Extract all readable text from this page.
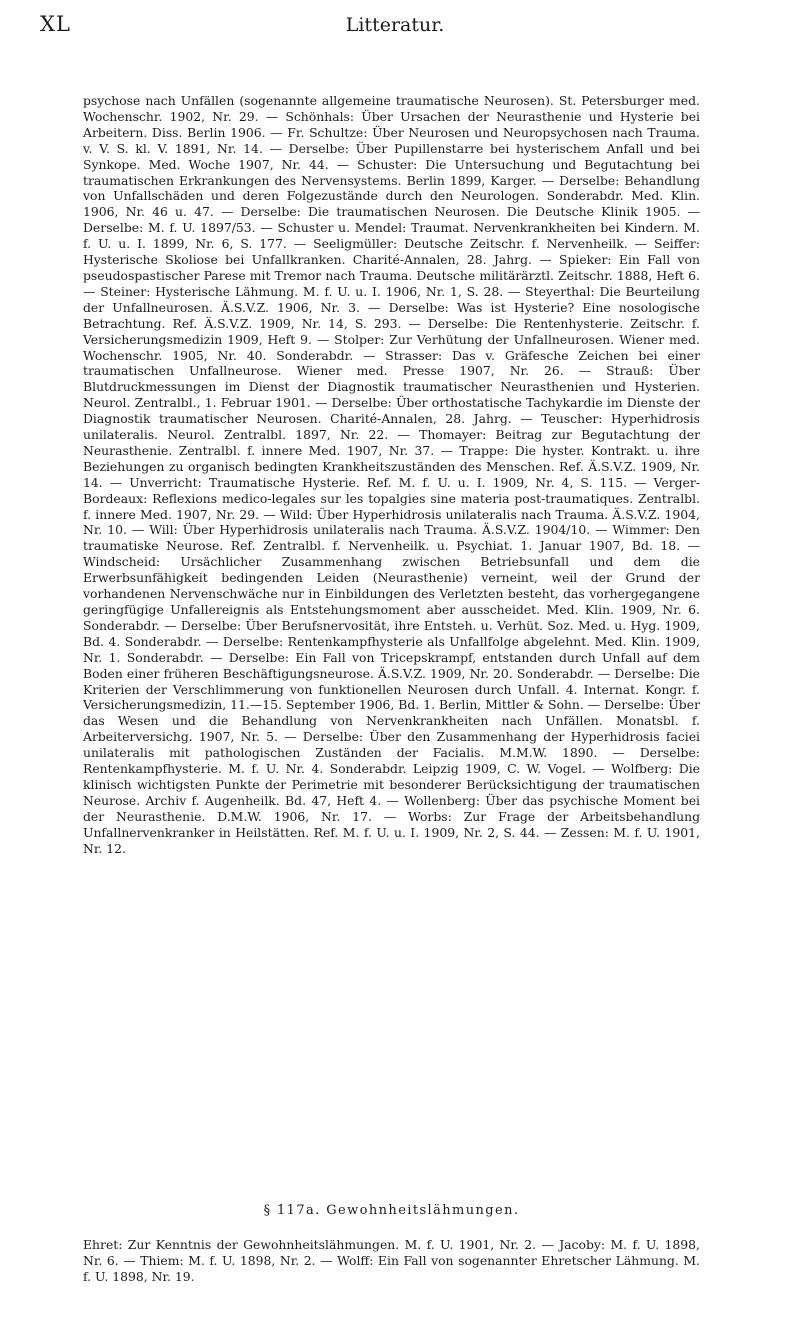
XL	Litteratur.

psychose nach Unfällen (sogenannte allgemeine traumatische Neurosen). St. Petersburger med. Wochenschr. 1902, Nr. 29. — Schönhals: Über Ursachen der Neurasthenie und Hysterie bei Arbeitern. Diss. Berlin 1906. — Fr. Schultze: Über Neurosen und Neuropsychosen nach Trauma. v. V. S. kl. V. 1891, Nr. 14. — Derselbe: Über Pupillenstarre bei hysterischem Anfall und bei Synkope. Med. Woche 1907, Nr. 44. — Schuster: Die Untersuchung und Begutachtung bei traumatischen Erkrankungen des Nervensystems. Berlin 1899, Karger. — Derselbe: Behandlung von Unfallschäden und deren Folgezustände durch den Neurologen. Sonderabdr. Med. Klin. 1906, Nr. 46 u. 47. — Derselbe: Die traumatischen Neurosen. Die Deutsche Klinik 1905. — Derselbe: M. f. U. 1897/53. — Schuster u. Mendel: Traumat. Nervenkrankheiten bei Kindern. M. f. U. u. I. 1899, Nr. 6, S. 177. — Seeligmüller: Deutsche Zeitschr. f. Nervenheilk. — Seiffer: Hysterische Skoliose bei Unfallkranken. Charité-Annalen, 28. Jahrg. — Spieker: Ein Fall von pseudospastischer Parese mit Tremor nach Trauma. Deutsche militärärztl. Zeitschr. 1888, Heft 6. — Steiner: Hysterische Lähmung. M. f. U. u. I. 1906, Nr. 1, S. 28. — Steyerthal: Die Beurteilung der Unfallneurosen. Ä.S.V.Z. 1906, Nr. 3. — Derselbe: Was ist Hysterie? Eine nosologische Betrachtung. Ref. Ä.S.V.Z. 1909, Nr. 14, S. 293. — Derselbe: Die Rentenhysterie. Zeitschr. f. Versicherungsmedizin 1909, Heft 9. — Stolper: Zur Verhütung der Unfallneurosen. Wiener med. Wochenschr. 1905, Nr. 40. Sonderabdr. — Strasser: Das v. Gräfesche Zeichen bei einer traumatischen Unfallneurose. Wiener med. Presse 1907, Nr. 26. — Strauß: Über Blutdruckmessungen im Dienst der Diagnostik traumatischer Neurasthenien und Hysterien. Neurol. Zentralbl., 1. Februar 1901. — Derselbe: Über orthostatische Tachykardie im Dienste der Diagnostik traumatischer Neurosen. Charité-Annalen, 28. Jahrg. — Teuscher: Hyperhidrosis unilateralis. Neurol. Zentralbl. 1897, Nr. 22. — Thomayer: Beitrag zur Begutachtung der Neurasthenie. Zentralbl. f. innere Med. 1907, Nr. 37. — Trappe: Die hyster. Kontrakt. u. ihre Beziehungen zu organisch bedingten Krankheitszuständen des Menschen. Ref. Ä.S.V.Z. 1909, Nr. 14. — Unverricht: Traumatische Hysterie. Ref. M. f. U. u. I. 1909, Nr. 4, S. 115. — Verger-Bordeaux: Reflexions medico-legales sur les topalgies sine materia post-traumatiques. Zentralbl. f. innere Med. 1907, Nr. 29. — Wild: Über Hyperhidrosis unilateralis nach Trauma. Ä.S.V.Z. 1904, Nr. 10. — Will: Über Hyperhidrosis unilateralis nach Trauma. Ä.S.V.Z. 1904/10. — Wimmer: Den traumatiske Neurose. Ref. Zentralbl. f. Nervenheilk. u. Psychiat. 1. Januar 1907, Bd. 18. — Windscheid: Ursächlicher Zusammenhang zwischen Betriebsunfall und dem die Erwerbsunfähigkeit bedingenden Leiden (Neurasthenie) verneint, weil der Grund der vorhandenen Nervenschwäche nur in Einbildungen des Verletzten besteht, das vorhergegangene geringfügige Unfallereignis als Entstehungsmoment aber ausscheidet. Med. Klin. 1909, Nr. 6. Sonderabdr. — Derselbe: Über Berufsnervosität, ihre Entsteh. u. Verhüt. Soz. Med. u. Hyg. 1909, Bd. 4. Sonderabdr. — Derselbe: Rentenkampfhysterie als Unfallfolge abgelehnt. Med. Klin. 1909, Nr. 1. Sonderabdr. — Derselbe: Ein Fall von Tricepskrampf, entstanden durch Unfall auf dem Boden einer früheren Beschäftigungsneurose. Ä.S.V.Z. 1909, Nr. 20. Sonderabdr. — Derselbe: Die Kriterien der Verschlimmerung von funktionellen Neurosen durch Unfall. 4. Internat. Kongr. f. Versicherungsmedizin, 11.—15. September 1906, Bd. 1. Berlin, Mittler & Sohn. — Derselbe: Über das Wesen und die Behandlung von Nervenkrankheiten nach Unfällen. Monatsbl. f. Arbeiterversichg. 1907, Nr. 5. — Derselbe: Über den Zusammenhang der Hyperhidrosis faciei unilateralis mit pathologischen Zuständen der Facialis. M.M.W. 1890. — Derselbe: Rentenkampfhysterie. M. f. U. Nr. 4. Sonderabdr. Leipzig 1909, C. W. Vogel. — Wolfberg: Die klinisch wichtigsten Punkte der Perimetrie mit besonderer Berücksichtigung der traumatischen Neurose. Archiv f. Augenheilk. Bd. 47, Heft 4. — Wollenberg: Über das psychische Moment bei der Neurasthenie. D.M.W. 1906, Nr. 17. — Worbs: Zur Frage der Arbeitsbehandlung Unfallnervenkranker in Heilstätten. Ref. M. f. U. u. I. 1909, Nr. 2, S. 44. — Zessen: M. f. U. 1901, Nr. 12.

§ 117a. Gewohnheitslähmungen.

Ehret: Zur Kenntnis der Gewohnheitslähmungen. M. f. U. 1901, Nr. 2. — Jacoby: M. f. U. 1898, Nr. 6. — Thiem: M. f. U. 1898, Nr. 2. — Wolff: Ein Fall von sogenannter Ehretscher Lähmung. M. f. U. 1898, Nr. 19.
